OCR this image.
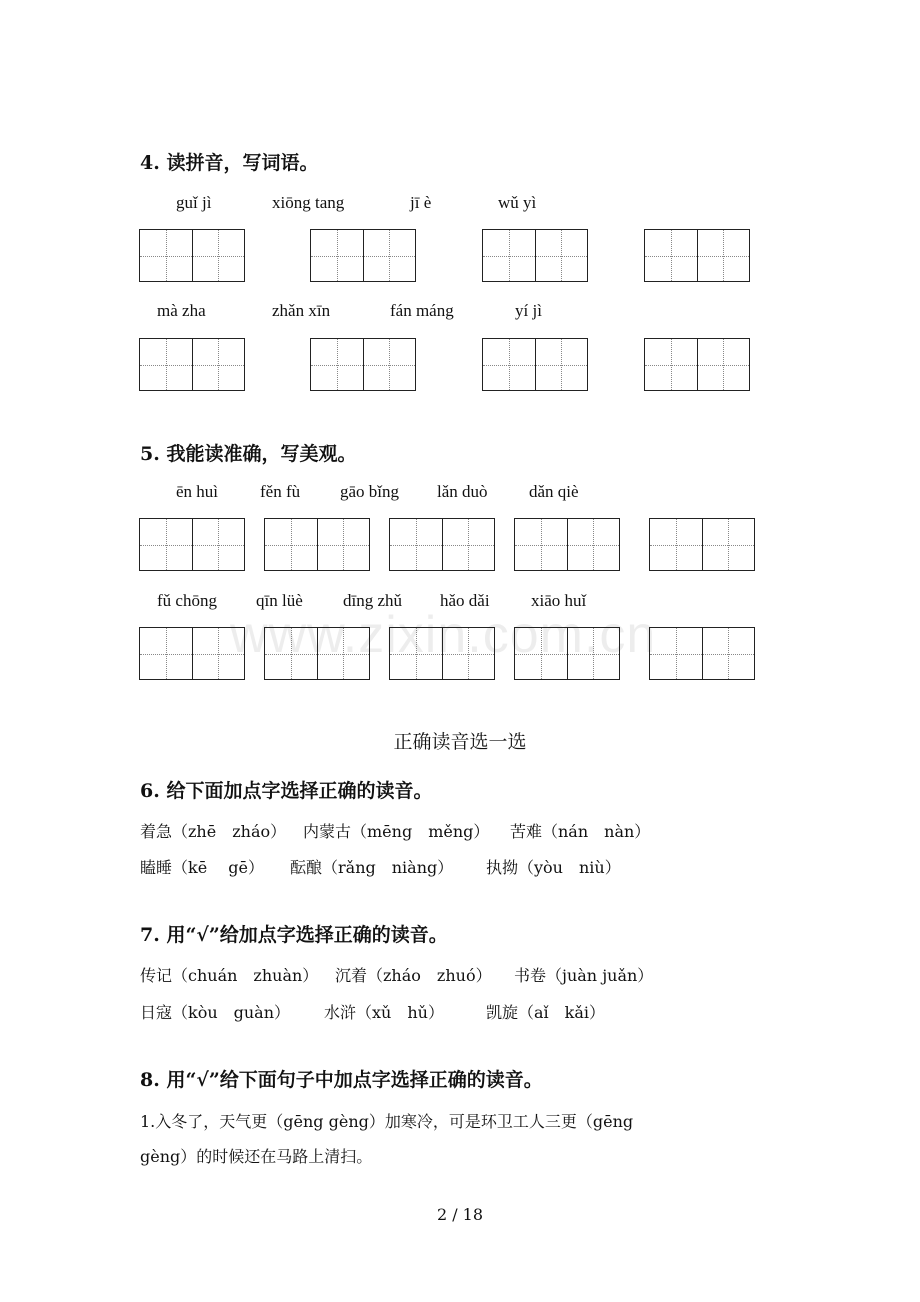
www.zixin.com.cn
4. 读拼音，写词语。
guǐ jì	xiōng tang	jī è	wǔ yì
mà zha	zhǎn xīn	fán máng	yí jì
5. 我能读准确，写美观。
ēn huì fěn fù gāo bǐng lǎn duò dǎn qiè
fǔ chōng qīn lüè dīng zhǔ hǎo dǎi xiāo huǐ
正确读音选一选
6. 给下面加点字选择正确的读音。
着急（zhē　zháo） 内蒙古（mēng　měng） 苦难（nán　nàn）
瞌睡（kē　 gē） 酝酿（rǎng　niàng） 执拗（yòu　niù）
7. 用“√”给加点字选择正确的读音。
传记（chuán　zhuàn） 沉着（zháo　zhuó） 书卷（juàn juǎn）
日寇（kòu　guàn） 水浒（xǔ　hǔ）	凯旋（aǐ　kǎi）
8. 用“√”给下面句子中加点字选择正确的读音。
1.入冬了，天气更（gēng gèng）加寒冷，可是环卫工人三更（gēng
gèng）的时候还在马路上清扫。
2 / 18
